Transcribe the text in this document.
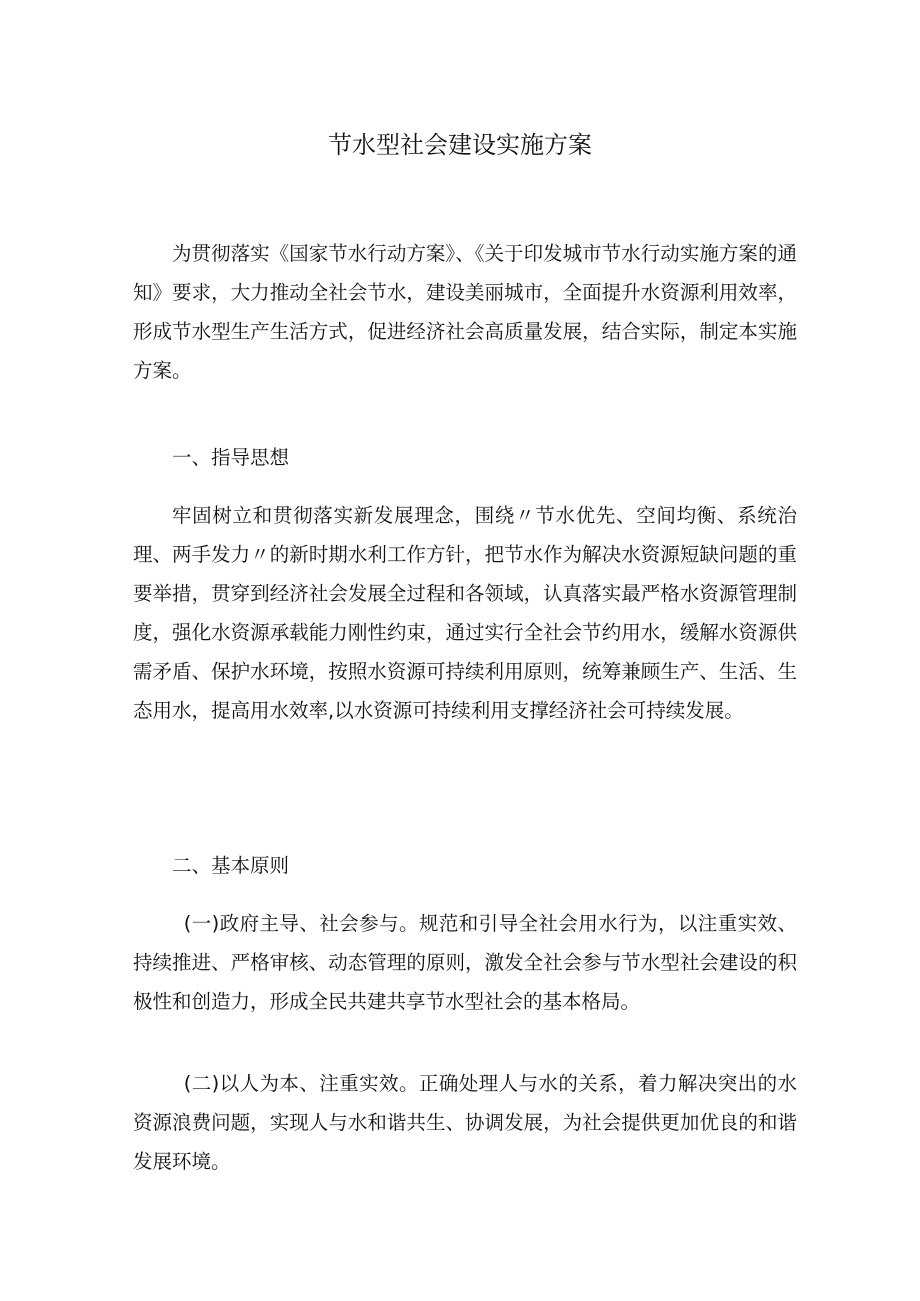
节水型社会建设实施方案

为贯彻落实《国家节水行动方案》、《关于印发城市节水行动实施方案的通知》要求，大力推动全社会节水，建设美丽城市，全面提升水资源利用效率，形成节水型生产生活方式，促进经济社会高质量发展，结合实际，制定本实施方案。

一、指导思想

牢固树立和贯彻落实新发展理念，围绕〃节水优先、空间均衡、系统治理、两手发力〃的新时期水利工作方针，把节水作为解决水资源短缺问题的重要举措，贯穿到经济社会发展全过程和各领域，认真落实最严格水资源管理制度，强化水资源承载能力刚性约束，通过实行全社会节约用水，缓解水资源供需矛盾、保护水环境，按照水资源可持续利用原则，统筹兼顾生产、生活、生态用水，提高用水效率,以水资源可持续利用支撑经济社会可持续发展。

二、基本原则

(一)政府主导、社会参与。规范和引导全社会用水行为，以注重实效、持续推进、严格审核、动态管理的原则，激发全社会参与节水型社会建设的积极性和创造力，形成全民共建共享节水型社会的基本格局。

(二)以人为本、注重实效。正确处理人与水的关系，着力解决突出的水资源浪费问题，实现人与水和谐共生、协调发展，为社会提供更加优良的和谐发展环境。
